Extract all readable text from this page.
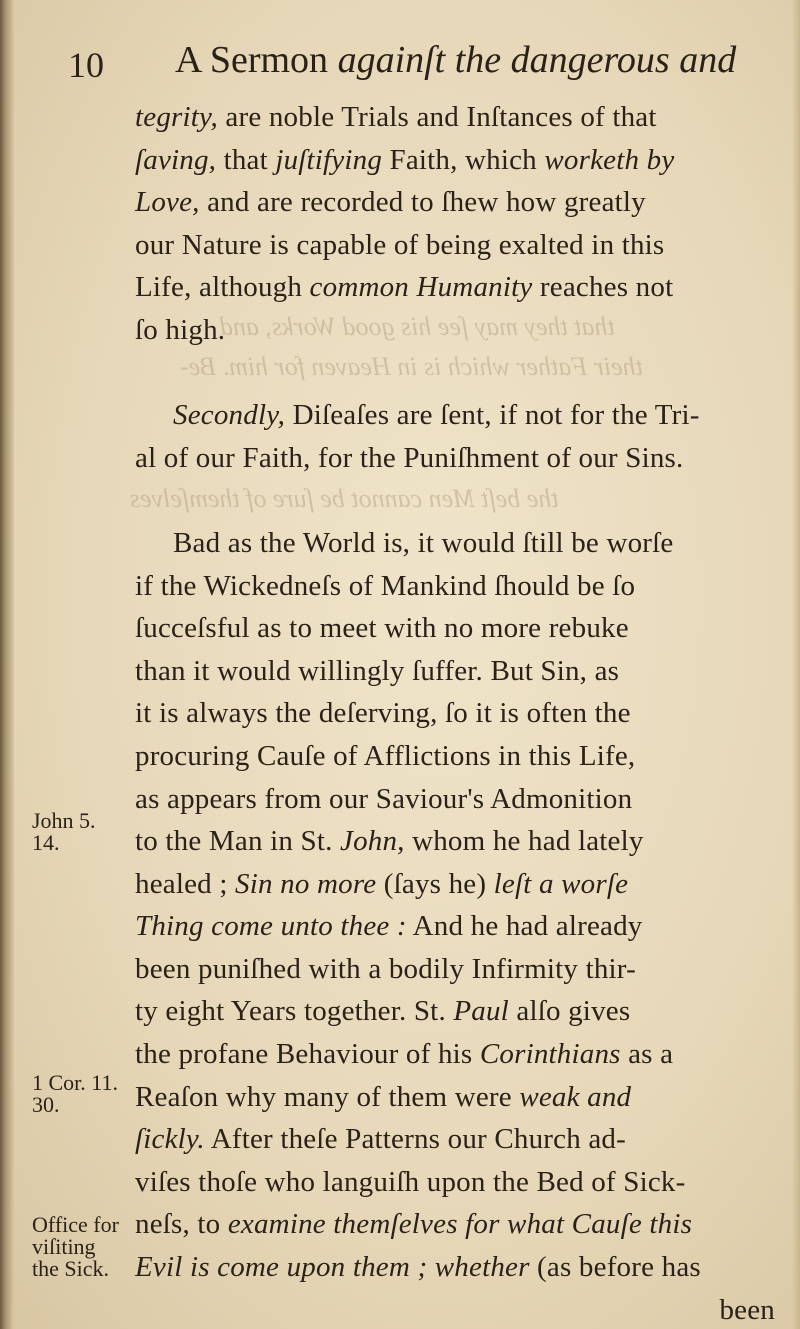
that they may ſee his good Works, and
their Father which is in Heaven for him. Be-
the beſt Men cannot be ſure of themſelves
10 A Sermon againſt the dangerous and
John 5.
14.
1 Cor. 11.
30.
Office for
viſiting
the Sick.
tegrity, are noble Trials and Inſtances of that
ſaving, that juſtifying Faith, which worketh by
Love, and are recorded to ſhew how greatly
our Nature is capable of being exalted in this
Life, although common Humanity reaches not
ſo high.
Secondly, Diſeaſes are ſent, if not for the Tri-
al of our Faith, for the Puniſhment of our Sins.
Bad as the World is, it would ſtill be worſe
if the Wickedneſs of Mankind ſhould be ſo
ſucceſsful as to meet with no more rebuke
than it would willingly ſuffer. But Sin, as
it is always the deſerving, ſo it is often the
procuring Cauſe of Afflictions in this Life,
as appears from our Saviour's Admonition
to the Man in St. John, whom he had lately
healed ; Sin no more (ſays he) leſt a worſe
Thing come unto thee : And he had already
been puniſhed with a bodily Infirmity thir-
ty eight Years together. St. Paul alſo gives
the profane Behaviour of his Corinthians as a
Reaſon why many of them were weak and
ſickly. After theſe Patterns our Church ad-
viſes thoſe who languiſh upon the Bed of Sick-
neſs, to examine themſelves for what Cauſe this
Evil is come upon them ; whether (as before has
been
